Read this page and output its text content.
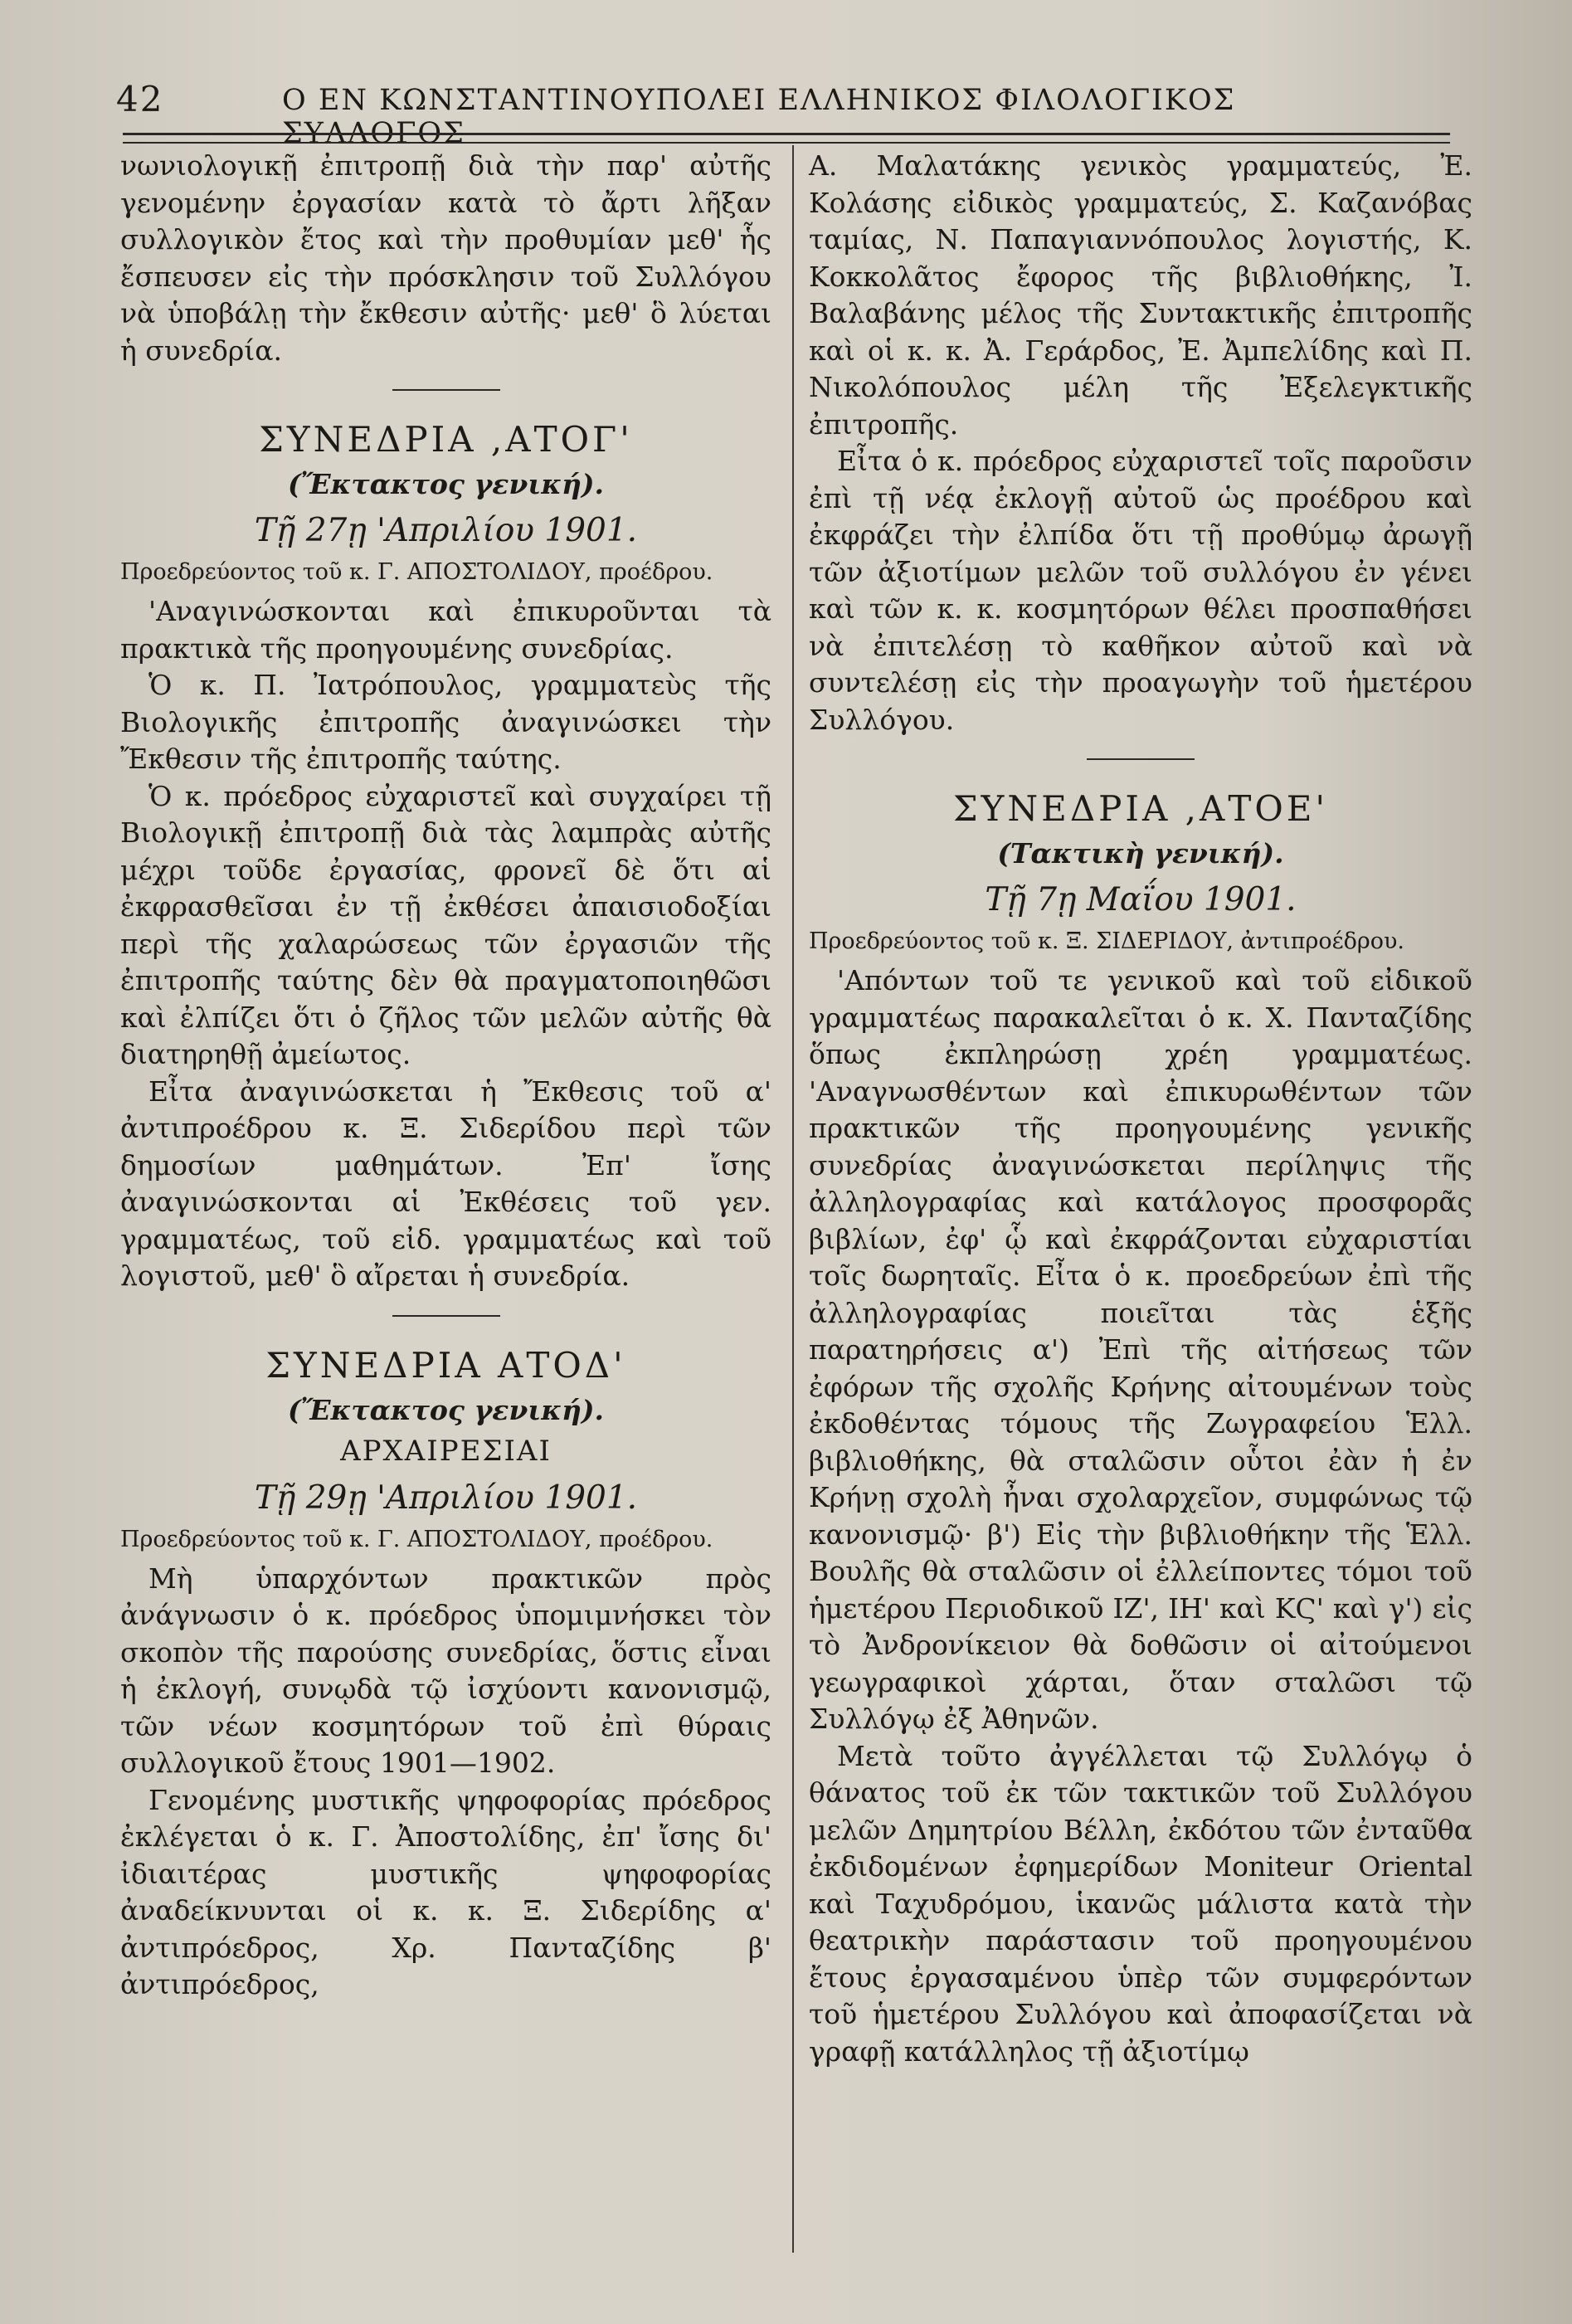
42	Ο ΕΝ ΚΩΝΣΤΑΝΤΙΝΟΥΠΟΛΕΙ ΕΛΛΗΝΙΚΟΣ ΦΙΛΟΛΟΓΙΚΟΣ ΣΥΛΛΟΓΟΣ

νωνιολογικῇ ἐπιτροπῇ διὰ τὴν παρ' αὐτῆς γενομένην ἐργασίαν κατὰ τὸ ἄρτι λῆξαν συλλογικὸν ἔτος καὶ τὴν προθυμίαν μεθ' ἧς ἔσπευσεν εἰς τὴν πρόσκλησιν τοῦ Συλλόγου νὰ ὑποβάλῃ τὴν ἔκθεσιν αὐτῆς· μεθ' ὃ λύεται ἡ συνεδρία.

ΣΥΝΕΔΡΙΑ ,ΑΤΟΓ'
(Ἔκτακτος γενική).
Τῇ 27ῃ 'Απριλίου 1901.
Προεδρεύοντος τοῦ κ. Γ. ΑΠΟΣΤΟΛΙΔΟΥ, προέδρου.

'Αναγινώσκονται καὶ ἐπικυροῦνται τὰ πρακτικὰ τῆς προηγουμένης συνεδρίας.

Ὁ κ. Π. Ἰατρόπουλος, γραμματεὺς τῆς Βιολογικῆς ἐπιτροπῆς ἀναγινώσκει τὴν Ἔκθεσιν τῆς ἐπιτροπῆς ταύτης.

Ὁ κ. πρόεδρος εὐχαριστεῖ καὶ συγχαίρει τῇ Βιολογικῇ ἐπιτροπῇ διὰ τὰς λαμπρὰς αὐτῆς μέχρι τοῦδε ἐργασίας, φρονεῖ δὲ ὅτι αἱ ἐκφρασθεῖσαι ἐν τῇ ἐκθέσει ἀπαισιοδοξίαι περὶ τῆς χαλαρώσεως τῶν ἐργασιῶν τῆς ἐπιτροπῆς ταύτης δὲν θὰ πραγματοποιηθῶσι καὶ ἐλπίζει ὅτι ὁ ζῆλος τῶν μελῶν αὐτῆς θὰ διατηρηθῇ ἀμείωτος.

Εἶτα ἀναγινώσκεται ἡ Ἔκθεσις τοῦ α' ἀντιπροέδρου κ. Ξ. Σιδερίδου περὶ τῶν δημοσίων μαθημάτων. Ἐπ' ἴσης ἀναγινώσκονται αἱ Ἐκθέσεις τοῦ γεν. γραμματέως, τοῦ εἰδ. γραμματέως καὶ τοῦ λογιστοῦ, μεθ' ὃ αἴρεται ἡ συνεδρία.

ΣΥΝΕΔΡΙΑ ΑΤΟΔ'
(Ἔκτακτος γενική).
ΑΡΧΑΙΡΕΣΙΑΙ
Τῇ 29ῃ 'Απριλίου 1901.
Προεδρεύοντος τοῦ κ. Γ. ΑΠΟΣΤΟΛΙΔΟΥ, προέδρου.

Μὴ ὑπαρχόντων πρακτικῶν πρὸς ἀνάγνωσιν ὁ κ. πρόεδρος ὑπομιμνήσκει τὸν σκοπὸν τῆς παρούσης συνεδρίας, ὅστις εἶναι ἡ ἐκλογή, συνῳδὰ τῷ ἰσχύοντι κανονισμῷ, τῶν νέων κοσμητόρων τοῦ ἐπὶ θύραις συλλογικοῦ ἔτους 1901—1902.

Γενομένης μυστικῆς ψηφοφορίας πρόεδρος ἐκλέγεται ὁ κ. Γ. Ἀποστολίδης, ἐπ' ἴσης δι' ἰδιαιτέρας μυστικῆς ψηφοφορίας ἀναδείκνυνται οἱ κ. κ. Ξ. Σιδερίδης α' ἀντιπρόεδρος, Χρ. Πανταζίδης β' ἀντιπρόεδρος,

Α. Μαλατάκης γενικὸς γραμματεύς, Ἐ. Κολάσης εἰδικὸς γραμματεύς, Σ. Καζανόβας ταμίας, Ν. Παπαγιαννόπουλος λογιστής, Κ. Κοκκολᾶτος ἔφορος τῆς βιβλιοθήκης, Ἰ. Βαλαβάνης μέλος τῆς Συντακτικῆς ἐπιτροπῆς καὶ οἱ κ. κ. Ἀ. Γεράρδος, Ἐ. Ἀμπελίδης καὶ Π. Νικολόπουλος μέλη τῆς Ἐξελεγκτικῆς ἐπιτροπῆς.

Εἶτα ὁ κ. πρόεδρος εὐχαριστεῖ τοῖς παροῦσιν ἐπὶ τῇ νέᾳ ἐκλογῇ αὐτοῦ ὡς προέδρου καὶ ἐκφράζει τὴν ἐλπίδα ὅτι τῇ προθύμῳ ἀρωγῇ τῶν ἀξιοτίμων μελῶν τοῦ συλλόγου ἐν γένει καὶ τῶν κ. κ. κοσμητόρων θέλει προσπαθήσει νὰ ἐπιτελέσῃ τὸ καθῆκον αὐτοῦ καὶ νὰ συντελέσῃ εἰς τὴν προαγωγὴν τοῦ ἡμετέρου Συλλόγου.

ΣΥΝΕΔΡΙΑ ,ΑΤΟΕ'
(Τακτικὴ γενική).
Τῇ 7ῃ Μαΐου 1901.
Προεδρεύοντος τοῦ κ. Ξ. ΣΙΔΕΡΙΔΟΥ, ἀντιπροέδρου.

'Απόντων τοῦ τε γενικοῦ καὶ τοῦ εἰδικοῦ γραμματέως παρακαλεῖται ὁ κ. Χ. Πανταζίδης ὅπως ἐκπληρώσῃ χρέη γραμματέως. 'Αναγνωσθέντων καὶ ἐπικυρωθέντων τῶν πρακτικῶν τῆς προηγουμένης γενικῆς συνεδρίας ἀναγινώσκεται περίληψις τῆς ἀλληλογραφίας καὶ κατάλογος προσφορᾶς βιβλίων, ἐφ' ᾧ καὶ ἐκφράζονται εὐχαριστίαι τοῖς δωρηταῖς. Εἶτα ὁ κ. προεδρεύων ἐπὶ τῆς ἀλληλογραφίας ποιεῖται τὰς ἑξῆς παρατηρήσεις α') Ἐπὶ τῆς αἰτήσεως τῶν ἐφόρων τῆς σχολῆς Κρήνης αἰτουμένων τοὺς ἐκδοθέντας τόμους τῆς Ζωγραφείου Ἑλλ. βιβλιοθήκης, θὰ σταλῶσιν οὗτοι ἐὰν ἡ ἐν Κρήνῃ σχολὴ ἦναι σχολαρχεῖον, συμφώνως τῷ κανονισμῷ· β') Εἰς τὴν βιβλιοθήκην τῆς Ἑλλ. Βουλῆς θὰ σταλῶσιν οἱ ἐλλείποντες τόμοι τοῦ ἡμετέρου Περιοδικοῦ ΙΖ', ΙΗ' καὶ ΚϚ' καὶ γ') εἰς τὸ Ἀνδρονίκειον θὰ δοθῶσιν οἱ αἰτούμενοι γεωγραφικοὶ χάρται, ὅταν σταλῶσι τῷ Συλλόγῳ ἐξ Ἀθηνῶν.

Μετὰ τοῦτο ἀγγέλλεται τῷ Συλλόγῳ ὁ θάνατος τοῦ ἐκ τῶν τακτικῶν τοῦ Συλλόγου μελῶν Δημητρίου Βέλλη, ἐκδότου τῶν ἐνταῦθα ἐκδιδομένων ἐφημερίδων Moniteur Oriental καὶ Ταχυδρόμου, ἱκανῶς μάλιστα κατὰ τὴν θεατρικὴν παράστασιν τοῦ προηγουμένου ἔτους ἐργασαμένου ὑπὲρ τῶν συμφερόντων τοῦ ἡμετέρου Συλλόγου καὶ ἀποφασίζεται νὰ γραφῇ κατάλληλος τῇ ἀξιοτίμῳ
